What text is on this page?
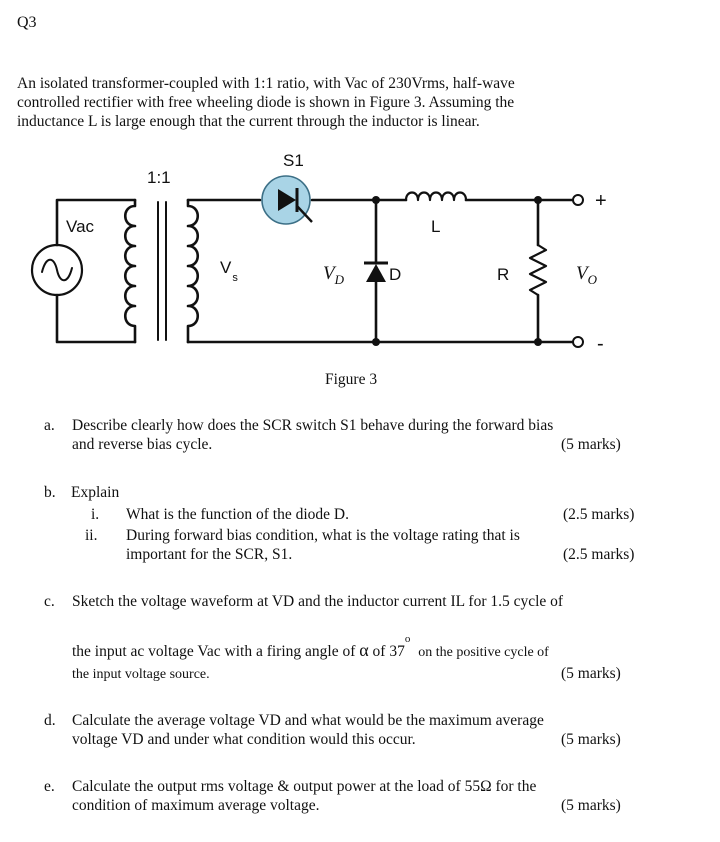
Q3
An isolated transformer-coupled with 1:1 ratio, with Vac of 230Vrms, half-wave
controlled rectifier with free wheeling diode is shown in Figure 3. Assuming the
inductance L is large enough that the current through the inductor is linear.
S1
1:1
Vac
$V_s$	D
L
R
+
-
$V_D$	$V_O$
Figure 3
a. Describe clearly how does the SCR switch S1 behave during the forward bias
and reverse bias cycle.	(5 marks)
b. Explain
i. What is the function of the diode D.	(2.5 marks)
ii. During forward bias condition, what is the voltage rating that is
important for the SCR, S1.	(2.5 marks)
c. Sketch the voltage waveform at VD and the inductor current IL for 1.5 cycle of
the input ac voltage Vac with a firing angle of α of 37$^o$ on the positive cycle of
the input voltage source.	(5 marks)
d. Calculate the average voltage VD and what would be the maximum average
voltage VD and under what condition would this occur.	(5 marks)
e. Calculate the output rms voltage & output power at the load of 55Ω for the
condition of maximum average voltage.	(5 marks)
